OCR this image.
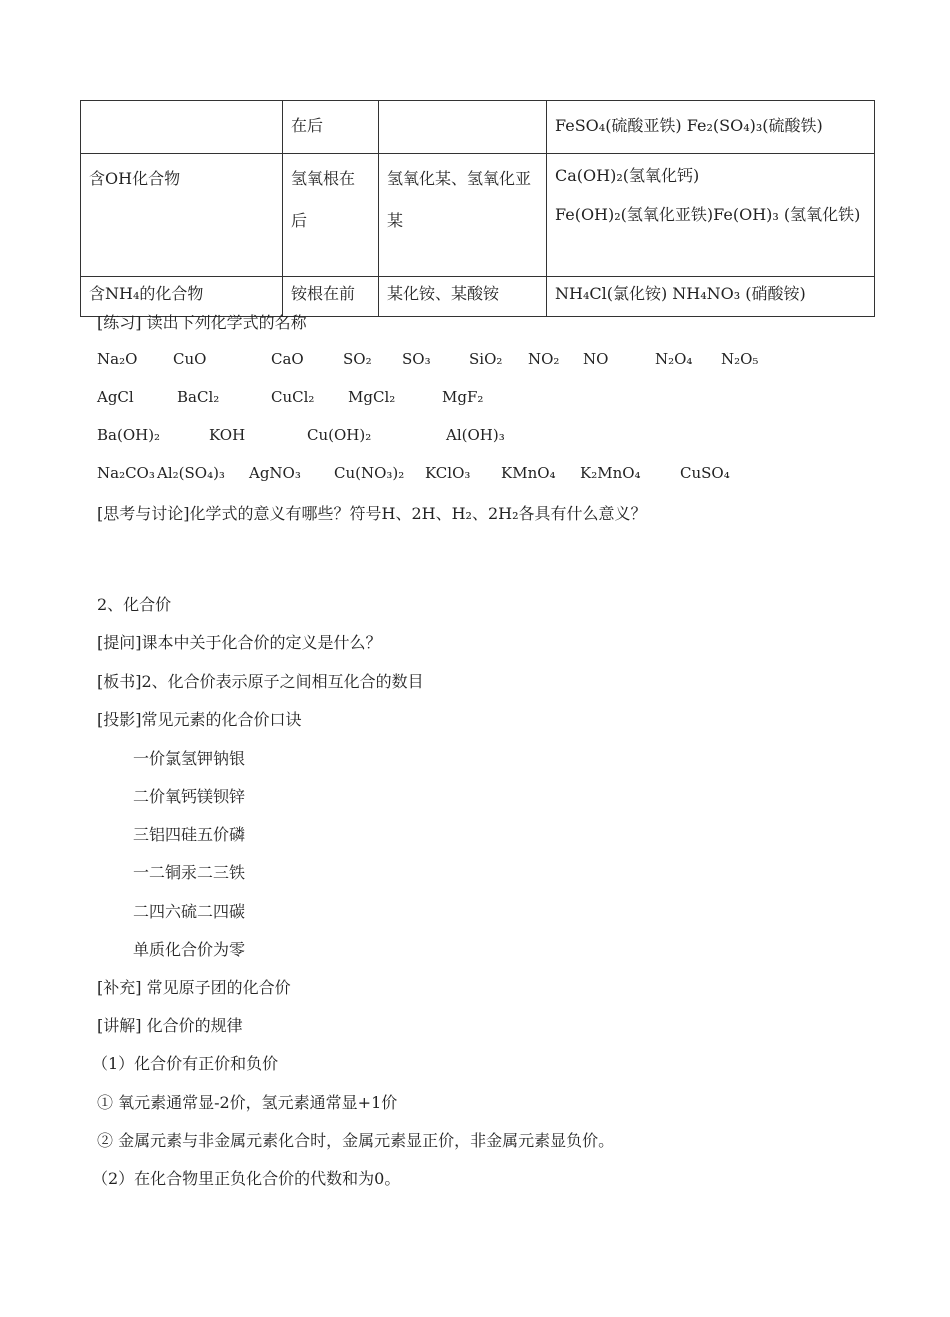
	在后		FeSO₄(硫酸亚铁) Fe₂(SO₄)₃(硫酸铁)
含OH化合物	氢氧根在后	氢氧化某、氢氧化亚某	Ca(OH)₂(氢氧化钙)
Fe(OH)₂(氢氧化亚铁)Fe(OH)₃ (氢氧化铁)

含NH₄的化合物	铵根在前	某化铵、某酸铵	NH₄Cl(氯化铵) NH₄NO₃ (硝酸铵)
[练习] 读出下列化学式的名称
Na₂O CuO	CaO	SO₂ SO₃	SiO₂ NO₂ NO	N₂O₄ N₂O₅
AgCl	BaCl₂	CuCl₂ MgCl₂	MgF₂
Ba(OH)₂	KOH	Cu(OH)₂	Al(OH)₃
Na₂CO₃ Al₂(SO₄)₃ AgNO₃ Cu(NO₃)₂ KClO₃ KMnO₄ K₂MnO₄	CuSO₄
[思考与讨论]化学式的意义有哪些？符号H、2H、H₂、2H₂各具有什么意义？
2、化合价
[提问]课本中关于化合价的定义是什么？
[板书]2、化合价表示原子之间相互化合的数目
[投影]常见元素的化合价口诀
一价氯氢钾钠银
二价氧钙镁钡锌
三铝四硅五价磷
一二铜汞二三铁
二四六硫二四碳
单质化合价为零
[补充] 常见原子团的化合价
[讲解] 化合价的规律
（1）化合价有正价和负价
① 氧元素通常显-2价，氢元素通常显+1价
② 金属元素与非金属元素化合时，金属元素显正价，非金属元素显负价。
（2）在化合物里正负化合价的代数和为0。
